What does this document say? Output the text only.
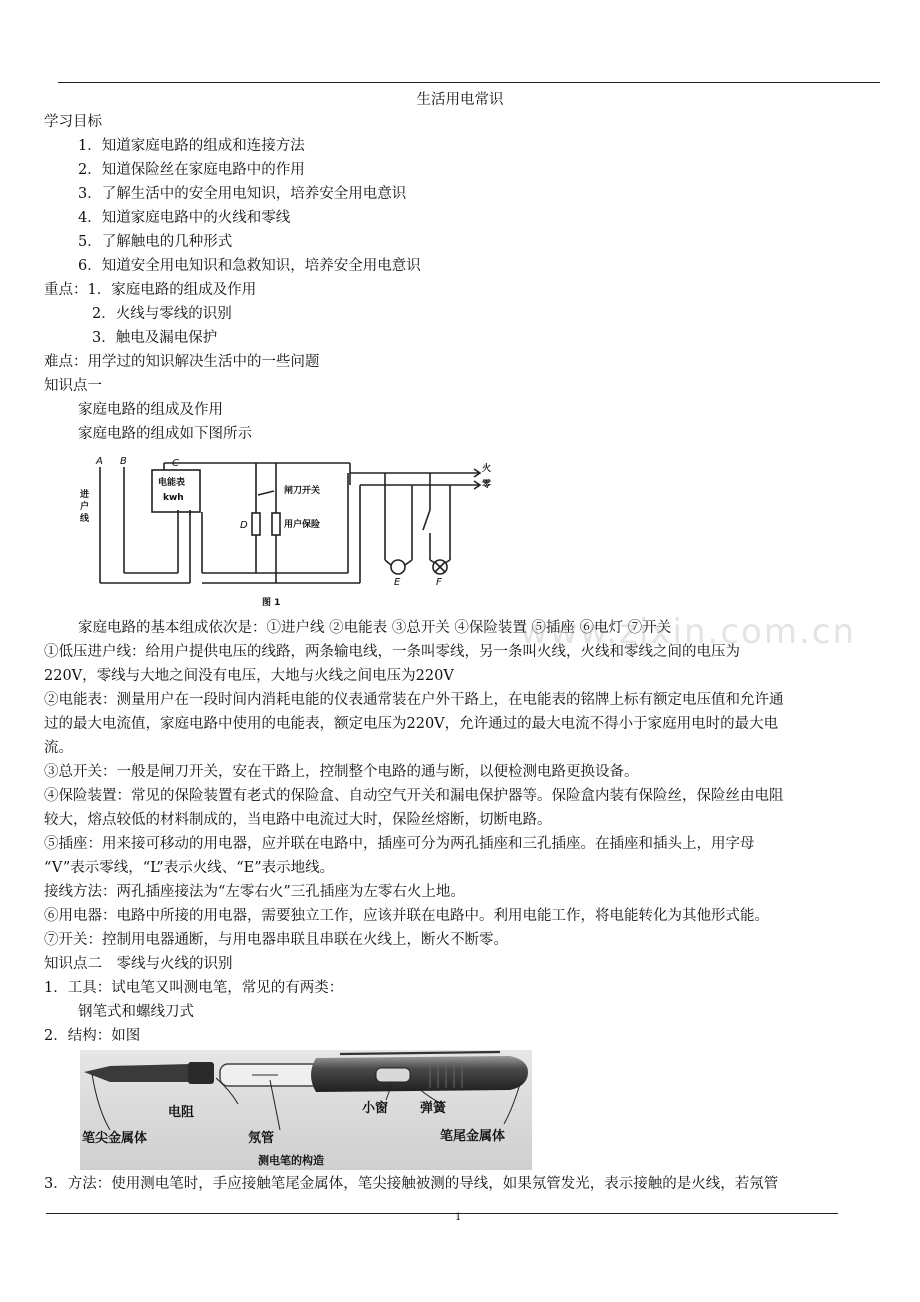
生活用电常识
学习目标
1．知道家庭电路的组成和连接方法
2．知道保险丝在家庭电路中的作用
3．了解生活中的安全用电知识，培养安全用电意识
4．知道家庭电路中的火线和零线
5．了解触电的几种形式
6．知道安全用电知识和急救知识，培养安全用电意识
重点：1．家庭电路的组成及作用
2．火线与零线的识别
3．触电及漏电保护
难点：用学过的知识解决生活中的一些问题
知识点一
家庭电路的组成及作用
家庭电路的组成如下图所示
A B	C
D
E	F
电能表
kwh
闸刀开关
用户保险
火
零
图 1
进
户
线
www.zixin.com.cn
家庭电路的基本组成依次是：①进户线 ②电能表 ③总开关 ④保险装置 ⑤插座 ⑥电灯 ⑦开关
①低压进户线：给用户提供电压的线路，两条输电线，一条叫零线，另一条叫火线，火线和零线之间的电压为
220V，零线与大地之间没有电压，大地与火线之间电压为220V
②电能表：测量用户在一段时间内消耗电能的仪表通常装在户外干路上，在电能表的铭牌上标有额定电压值和允许通
过的最大电流值，家庭电路中使用的电能表，额定电压为220V，允许通过的最大电流不得小于家庭用电时的最大电
流。
③总开关：一般是闸刀开关，安在干路上，控制整个电路的通与断，以便检测电路更换设备。
④保险装置：常见的保险装置有老式的保险盒、自动空气开关和漏电保护器等。保险盒内装有保险丝，保险丝由电阻
较大，熔点较低的材料制成的，当电路中电流过大时，保险丝熔断，切断电路。
⑤插座：用来接可移动的用电器，应并联在电路中，插座可分为两孔插座和三孔插座。在插座和插头上，用字母
“V”表示零线，“L”表示火线、“E”表示地线。
接线方法：两孔插座接法为“左零右火”三孔插座为左零右火上地。
⑥用电器：电路中所接的用电器，需要独立工作，应该并联在电路中。利用电能工作，将电能转化为其他形式能。
⑦开关：控制用电器通断，与用电器串联且串联在火线上，断火不断零。
知识点二　零线与火线的识别
1．工具：试电笔又叫测电笔，常见的有两类：
钢笔式和螺线刀式
2．结构：如图
电阻	小窗 弹簧
笔尖金属体	氖管	笔尾金属体
测电笔的构造
3．方法：使用测电笔时，手应接触笔尾金属体，笔尖接触被测的导线，如果氖管发光，表示接触的是火线，若氖管
1
